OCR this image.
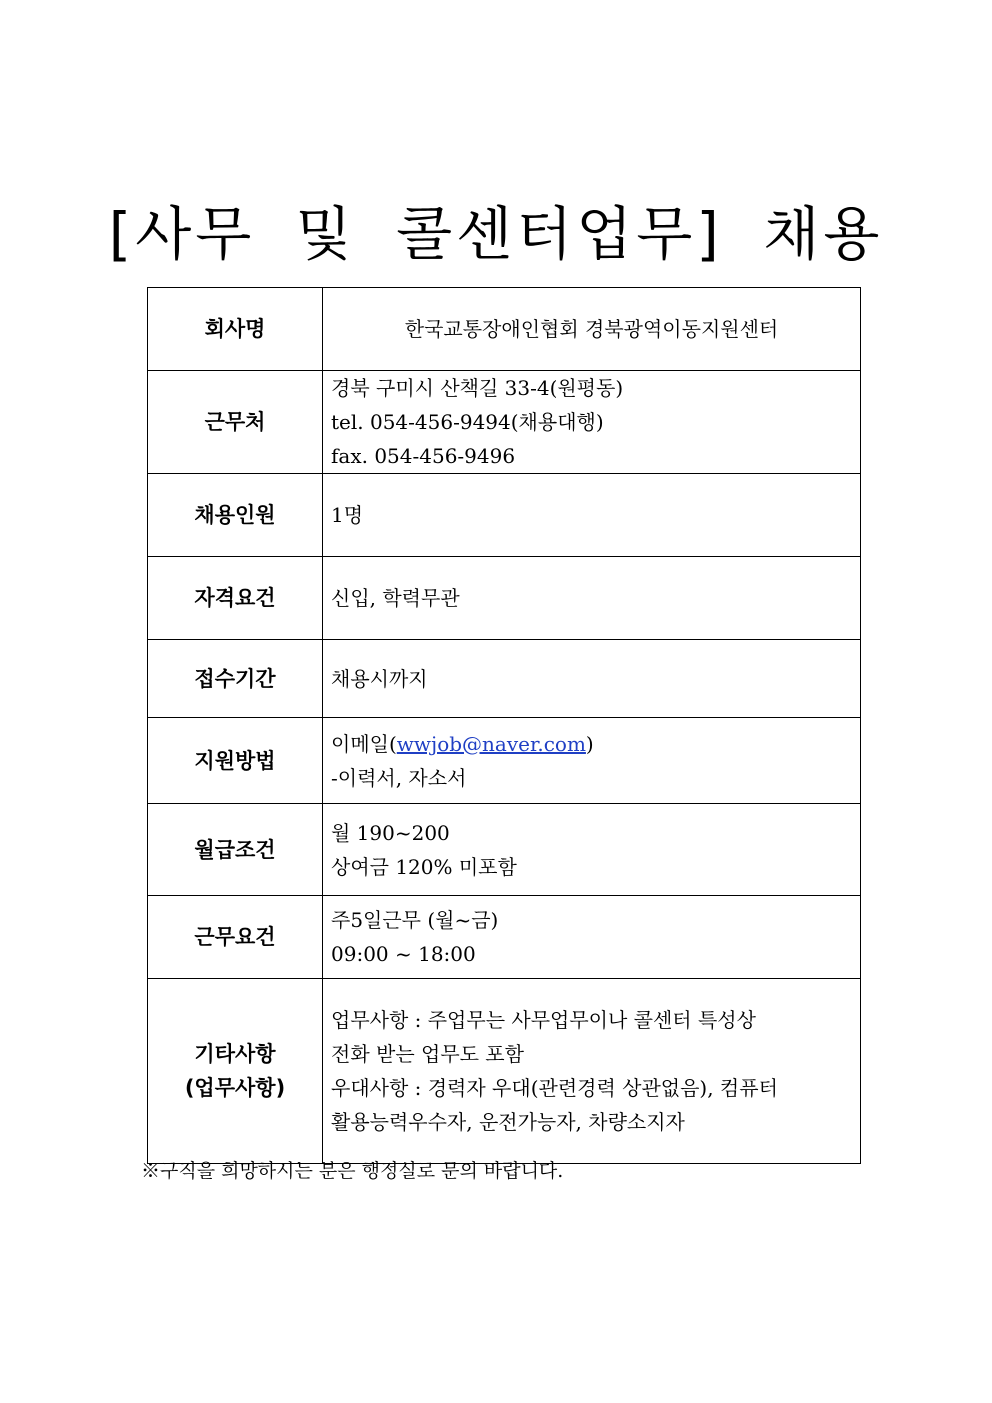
[사무 및 콜센터업무] 채용
회사명	한국교통장애인협회 경북광역이동지원센터
근무처	경북 구미시 산책길 33-4(원평동)
tel. 054-456-9494(채용대행)
fax. 054-456-9496

채용인원	1명
자격요건	신입, 학력무관
접수기간	채용시까지
지원방법	이메일(wwjob@naver.com)
-이력서, 자소서

월급조건	월 190~200
상여금 120% 미포함

근무요건	주5일근무 (월~금)
09:00 ~ 18:00

기타사항
(업무사항)	업무사항 : 주업무는 사무업무이나 콜센터 특성상
전화 받는 업무도 포함
우대사항 : 경력자 우대(관련경력 상관없음), 컴퓨터
활용능력우수자, 운전가능자, 차량소지자
※구직을 희망하시는 분은 행정실로 문의 바랍니다.
